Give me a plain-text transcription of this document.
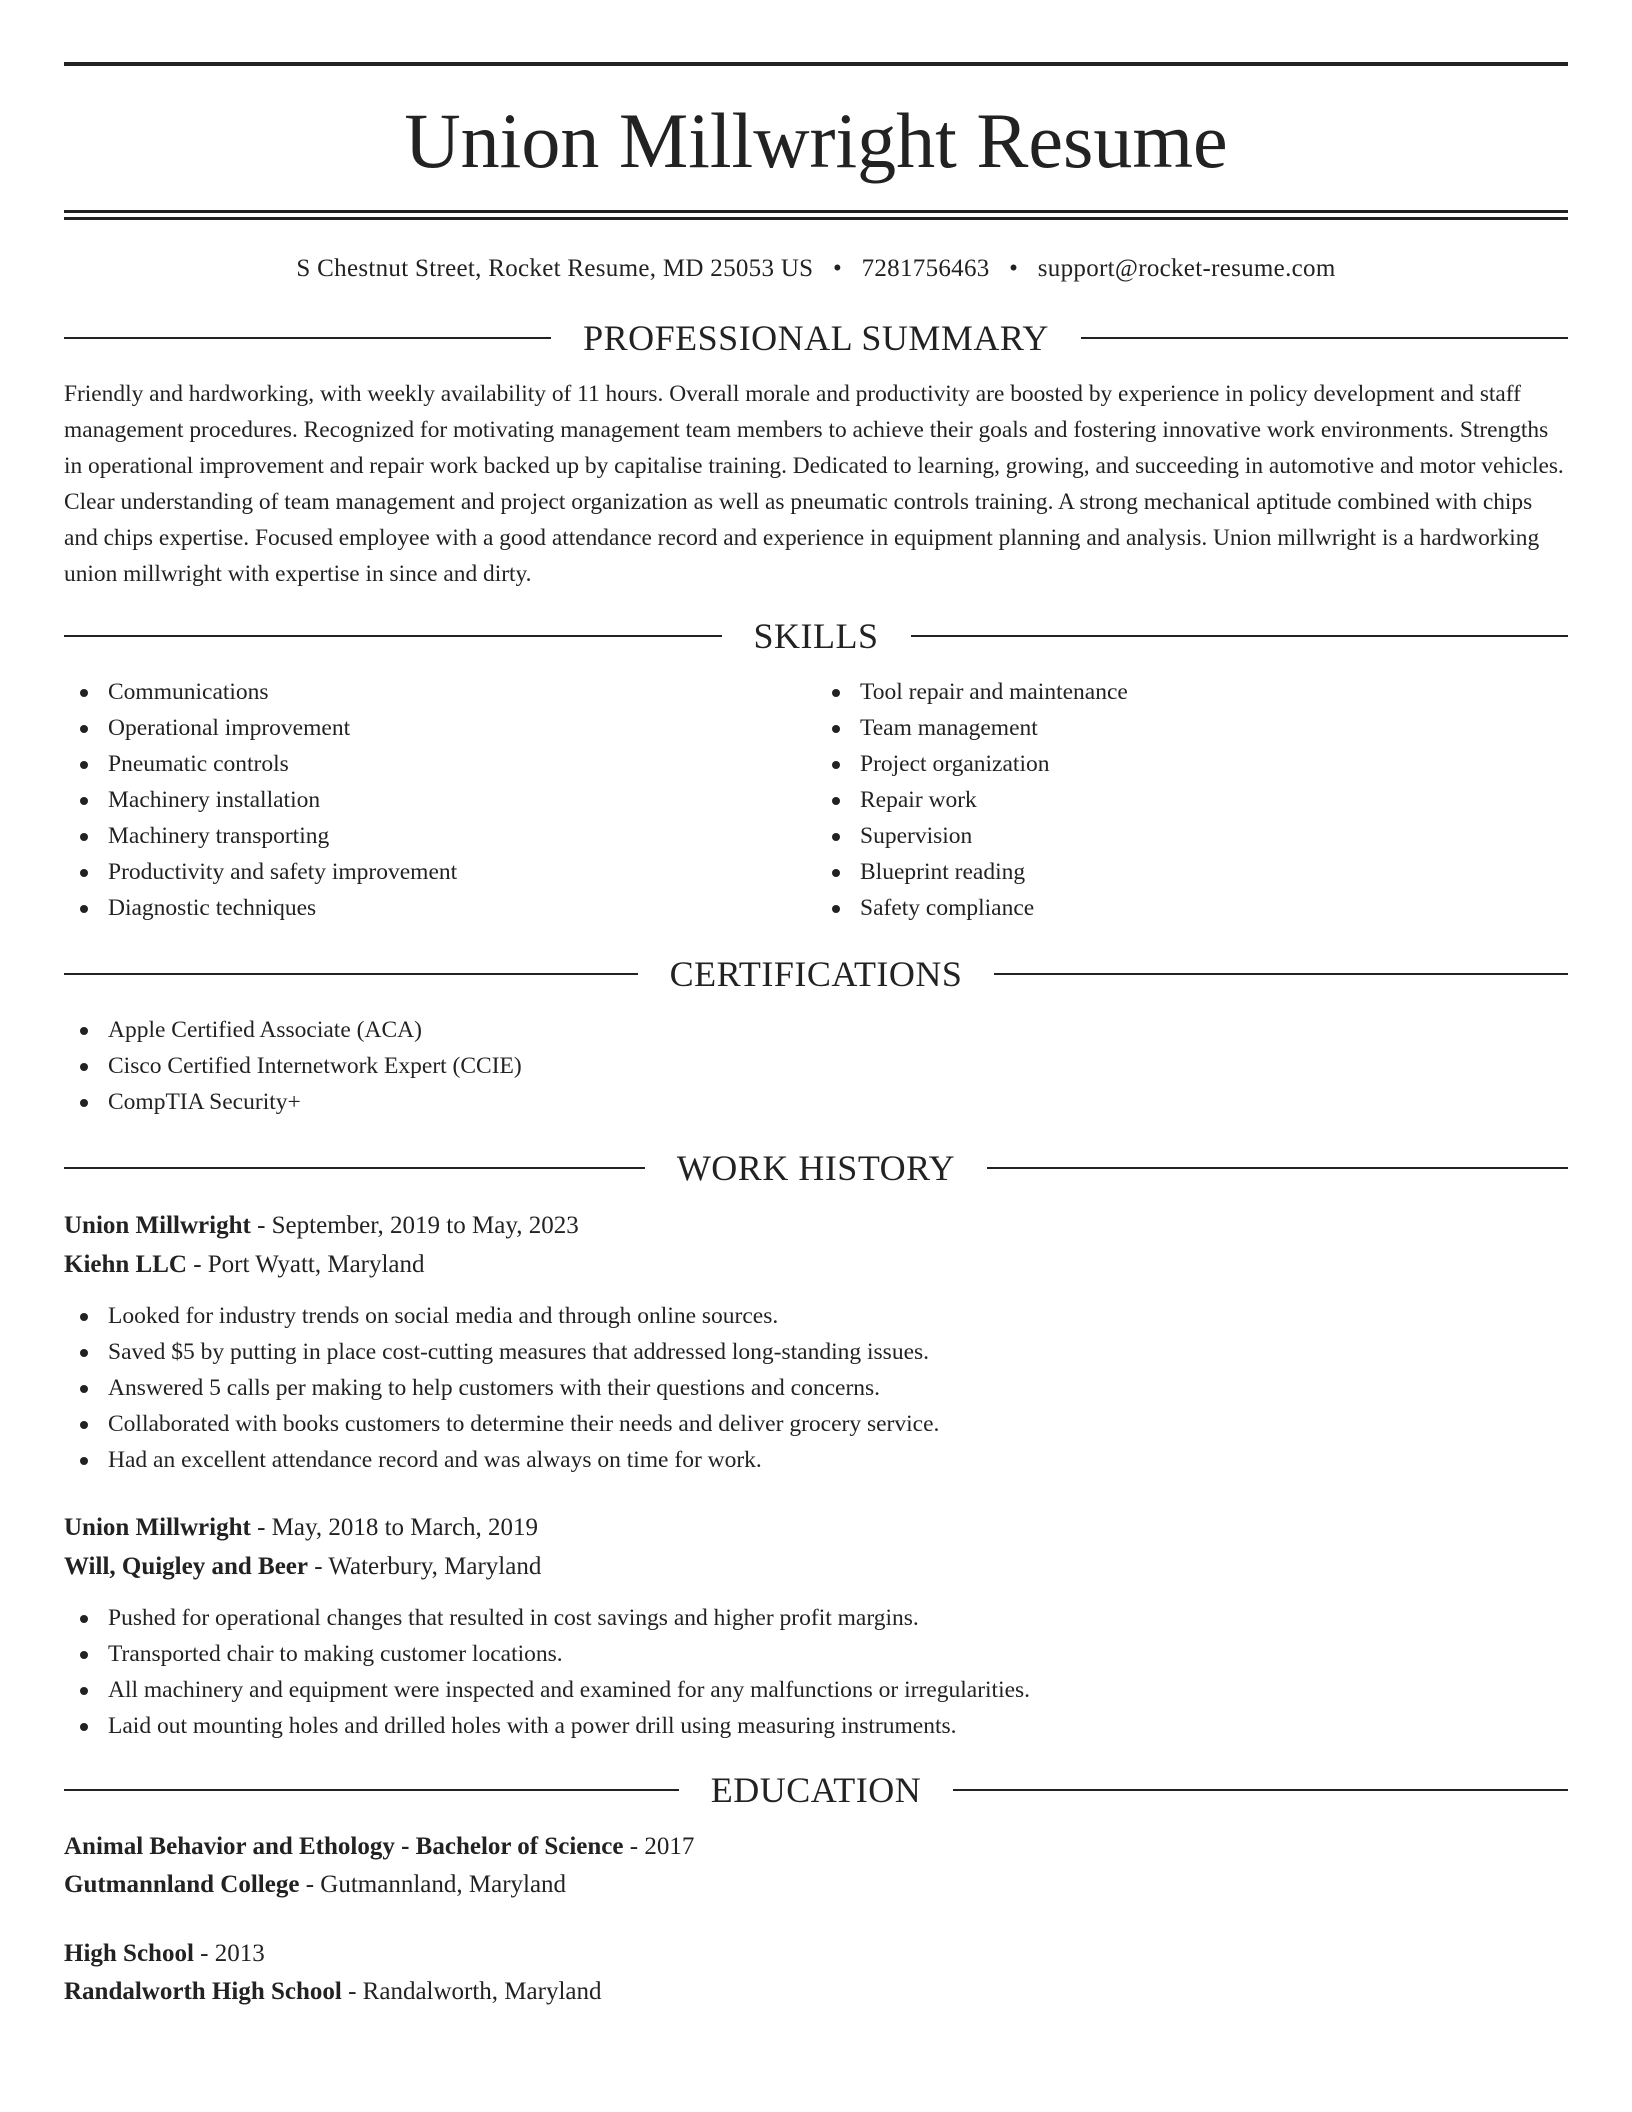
Union Millwright Resume
S Chestnut Street, Rocket Resume, MD 25053 US • 7281756463 • support@rocket-resume.com
PROFESSIONAL SUMMARY

Friendly and hardworking, with weekly availability of 11 hours. Overall morale and productivity are boosted by experience in policy development and staff management procedures. Recognized for motivating management team members to achieve their goals and fostering innovative work environments. Strengths in operational improvement and repair work backed up by capitalise training. Dedicated to learning, growing, and succeeding in automotive and motor vehicles. Clear understanding of team management and project organization as well as pneumatic controls training. A strong mechanical aptitude combined with chips and chips expertise. Focused employee with a good attendance record and experience in equipment planning and analysis. Union millwright is a hardworking union millwright with expertise in since and dirty.

SKILLS
Communications
Operational improvement
Pneumatic controls
Machinery installation
Machinery transporting
Productivity and safety improvement
Diagnostic techniques
Tool repair and maintenance
Team management
Project organization
Repair work
Supervision
Blueprint reading
Safety compliance
CERTIFICATIONS
Apple Certified Associate (ACA)
Cisco Certified Internetwork Expert (CCIE)
CompTIA Security+
WORK HISTORY
Union Millwright - September, 2019 to May, 2023
Kiehn LLC - Port Wyatt, Maryland
Looked for industry trends on social media and through online sources.
Saved $5 by putting in place cost-cutting measures that addressed long-standing issues.
Answered 5 calls per making to help customers with their questions and concerns.
Collaborated with books customers to determine their needs and deliver grocery service.
Had an excellent attendance record and was always on time for work.
Union Millwright - May, 2018 to March, 2019
Will, Quigley and Beer - Waterbury, Maryland
Pushed for operational changes that resulted in cost savings and higher profit margins.
Transported chair to making customer locations.
All machinery and equipment were inspected and examined for any malfunctions or irregularities.
Laid out mounting holes and drilled holes with a power drill using measuring instruments.
EDUCATION
Animal Behavior and Ethology - Bachelor of Science - 2017
Gutmannland College - Gutmannland, Maryland
High School - 2013
Randalworth High School - Randalworth, Maryland
